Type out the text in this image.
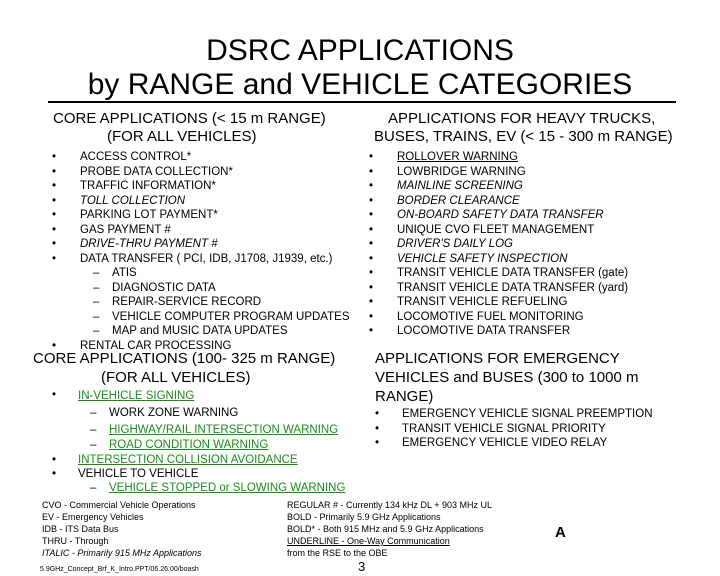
DSRC APPLICATIONS
by RANGE and VEHICLE CATEGORIES
CORE APPLICATIONS (< 15 m RANGE)
(FOR ALL VEHICLES)
APPLICATIONS FOR HEAVY TRUCKS,
BUSES, TRAINS, EV (< 15 - 300 m RANGE)
• ACCESS CONTROL*
• PROBE DATA COLLECTION*
• TRAFFIC INFORMATION*
• TOLL COLLECTION
• PARKING LOT PAYMENT*
• GAS PAYMENT #
• DRIVE-THRU PAYMENT #
• DATA TRANSFER ( PCI, IDB, J1708, J1939, etc.)
– ATIS
– DIAGNOSTIC DATA
– REPAIR-SERVICE RECORD
– VEHICLE COMPUTER PROGRAM UPDATES
– MAP and MUSIC DATA UPDATES
• RENTAL CAR PROCESSING
• ROLLOVER WARNING
• LOWBRIDGE WARNING
• MAINLINE SCREENING
• BORDER CLEARANCE
• ON-BOARD SAFETY DATA TRANSFER
• UNIQUE CVO FLEET MANAGEMENT
• DRIVER'S DAILY LOG
• VEHICLE SAFETY INSPECTION
• TRANSIT VEHICLE DATA TRANSFER (gate)
• TRANSIT VEHICLE DATA TRANSFER (yard)
• TRANSIT VEHICLE REFUELING
• LOCOMOTIVE FUEL MONITORING
• LOCOMOTIVE DATA TRANSFER
CORE APPLICATIONS (100- 325 m RANGE)
(FOR ALL VEHICLES)
APPLICATIONS FOR EMERGENCY
VEHICLES and BUSES (300 to 1000 m
RANGE)
• IN-VEHICLE SIGNING
– WORK ZONE WARNING
– HIGHWAY/RAIL INTERSECTION WARNING
– ROAD CONDITION WARNING
• INTERSECTION COLLISION AVOIDANCE
• VEHICLE TO VEHICLE
– VEHICLE STOPPED or SLOWING WARNING
• EMERGENCY VEHICLE SIGNAL PREEMPTION
• TRANSIT VEHICLE SIGNAL PRIORITY
• EMERGENCY VEHICLE VIDEO RELAY
CVO - Commercial Vehicle Operations
EV - Emergency Vehicles
IDB - ITS Data Bus
THRU - Through
ITALIC - Primarily 915 MHz Applications
REGULAR # - Currently 134 kHz DL + 903 MHz UL
BOLD - Primarily 5.9 GHz Applications
BOLD* - Both 915 MHz and 5.9 GHz Applications
UNDERLINE - One-Way Communication
from the RSE to the OBE
5.9GHz_Concept_Brf_K_Intro.PPT/06.26.00/boash	3
A
